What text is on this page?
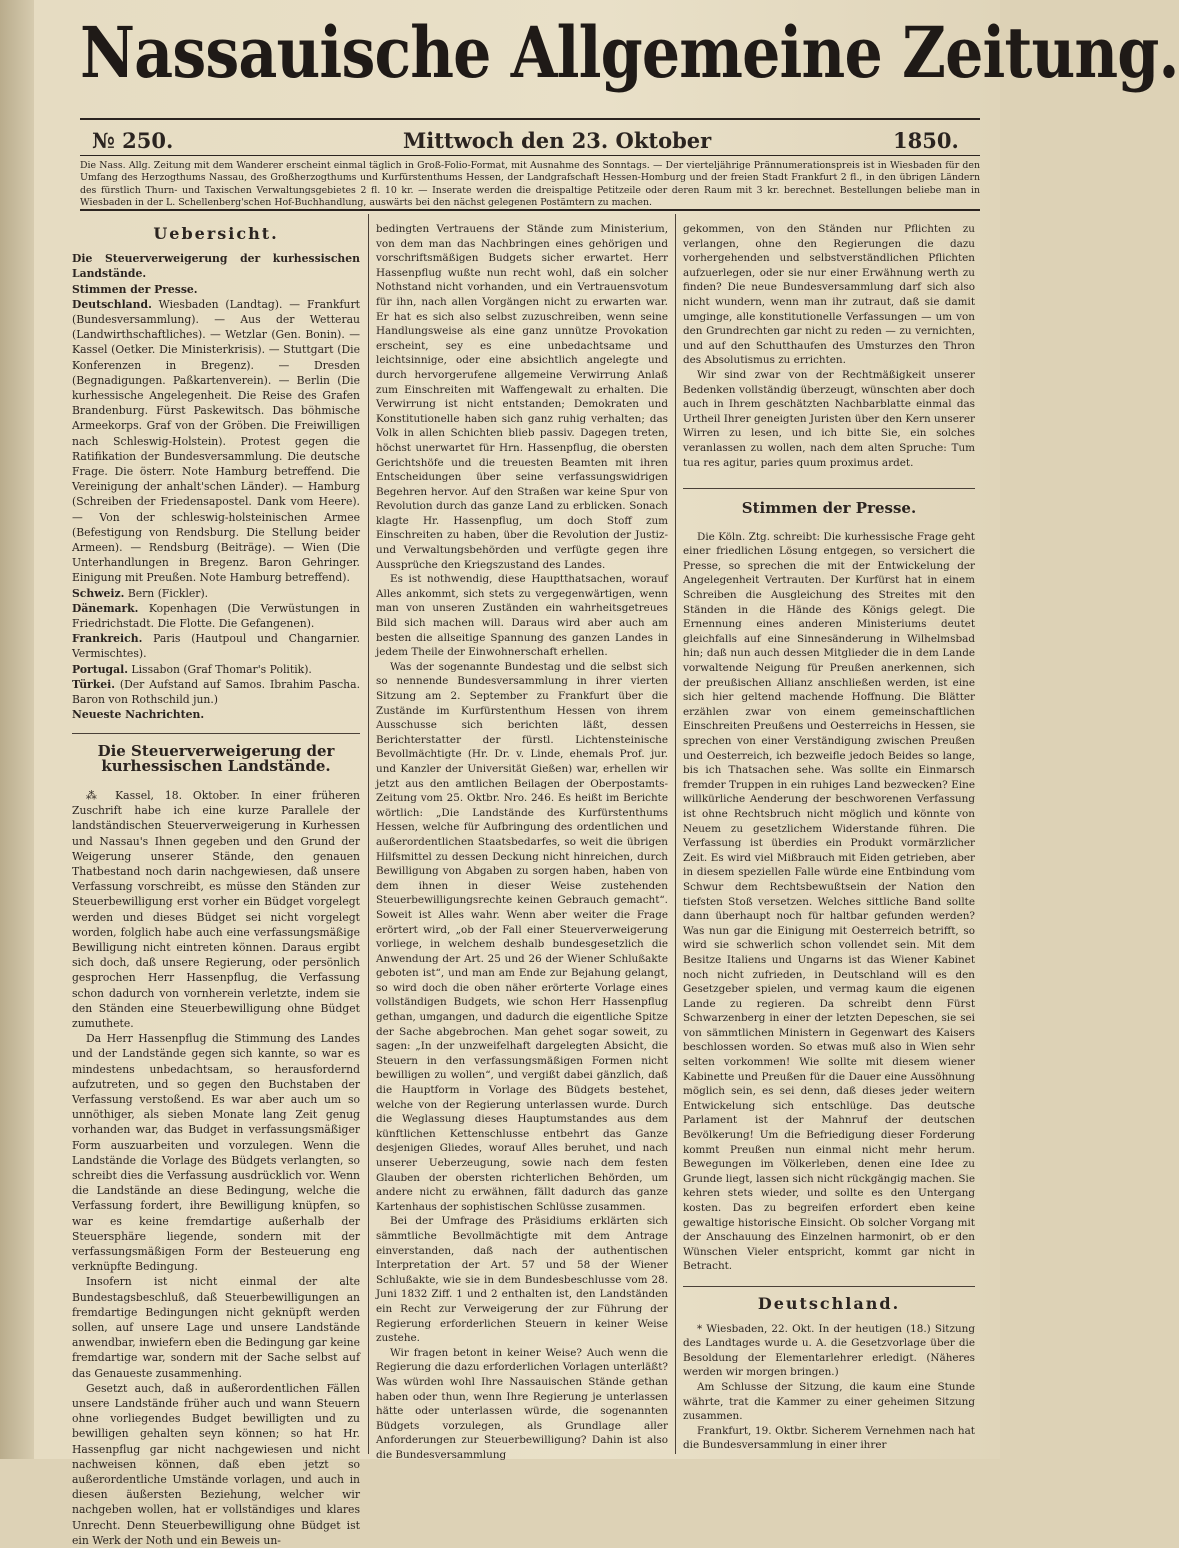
Nassauische Allgemeine Zeitung.
№ 250.	Mittwoch den 23. Oktober	1850.
Die Nass. Allg. Zeitung mit dem Wanderer erscheint einmal täglich in Groß-Folio-Format, mit Ausnahme des Sonntags. — Der vierteljährige Prännumerationspreis ist in Wiesbaden für den Umfang des Herzogthums Nassau, des Großherzogthums und Kurfürstenthums Hessen, der Landgrafschaft Hessen-Homburg und der freien Stadt Frankfurt 2 fl., in den übrigen Ländern des fürstlich Thurn- und Taxischen Verwaltungsgebietes 2 fl. 10 kr. — Inserate werden die dreispaltige Petitzeile oder deren Raum mit 3 kr. berechnet. Bestellungen beliebe man in Wiesbaden in der L. Schellenberg'schen Hof-Buchhandlung, auswärts bei den nächst gelegenen Postämtern zu machen.

Uebersicht.

Die Steuerverweigerung der kurhessischen Landstände.

Stimmen der Presse.

Deutschland. Wiesbaden (Landtag). — Frankfurt (Bundesversammlung). — Aus der Wetterau (Landwirthschaftliches). — Wetzlar (Gen. Bonin). — Kassel (Oetker. Die Ministerkrisis). — Stuttgart (Die Konferenzen in Bregenz). — Dresden (Begnadigungen. Paßkartenverein). — Berlin (Die kurhessische Angelegenheit. Die Reise des Grafen Brandenburg. Fürst Paskewitsch. Das böhmische Armeekorps. Graf von der Gröben. Die Freiwilligen nach Schleswig-Holstein). Protest gegen die Ratifikation der Bundesversammlung. Die deutsche Frage. Die österr. Note Hamburg betreffend. Die Vereinigung der anhalt'schen Länder). — Hamburg (Schreiben der Friedensapostel. Dank vom Heere). — Von der schleswig-holsteinischen Armee (Befestigung von Rendsburg. Die Stellung beider Armeen). — Rendsburg (Beiträge). — Wien (Die Unterhandlungen in Bregenz. Baron Gehringer. Einigung mit Preußen. Note Hamburg betreffend).

Schweiz. Bern (Fickler).

Dänemark. Kopenhagen (Die Verwüstungen in Friedrichstadt. Die Flotte. Die Gefangenen).

Frankreich. Paris (Hautpoul und Changarnier. Vermischtes).

Portugal. Lissabon (Graf Thomar's Politik).

Türkei. (Der Aufstand auf Samos. Ibrahim Pascha. Baron von Rothschild jun.)

Neueste Nachrichten.

Die Steuerverweigerung der kurhessischen Landstände.

⁂ Kassel, 18. Oktober. In einer früheren Zuschrift habe ich eine kurze Parallele der landständischen Steuerverweigerung in Kurhessen und Nassau's Ihnen gegeben und den Grund der Weigerung unserer Stände, den genauen Thatbestand noch darin nachgewiesen, daß unsere Verfassung vorschreibt, es müsse den Ständen zur Steuerbewilligung erst vorher ein Büdget vorgelegt werden und dieses Büdget sei nicht vorgelegt worden, folglich habe auch eine verfassungsmäßige Bewilligung nicht eintreten können. Daraus ergibt sich doch, daß unsere Regierung, oder persönlich gesprochen Herr Hassenpflug, die Verfassung schon dadurch von vornherein verletzte, indem sie den Ständen eine Steuerbewilligung ohne Büdget zumuthete.

Da Herr Hassenpflug die Stimmung des Landes und der Landstände gegen sich kannte, so war es mindestens unbedachtsam, so herausfordernd aufzutreten, und so gegen den Buchstaben der Verfassung verstoßend. Es war aber auch um so unnöthiger, als sieben Monate lang Zeit genug vorhanden war, das Budget in verfassungsmäßiger Form auszuarbeiten und vorzulegen. Wenn die Landstände die Vorlage des Büdgets verlangten, so schreibt dies die Verfassung ausdrücklich vor. Wenn die Landstände an diese Bedingung, welche die Verfassung fordert, ihre Bewilligung knüpfen, so war es keine fremdartige außerhalb der Steuersphäre liegende, sondern mit der verfassungsmäßigen Form der Besteuerung eng verknüpfte Bedingung.

Insofern ist nicht einmal der alte Bundestagsbeschluß, daß Steuerbewilligungen an fremdartige Bedingungen nicht geknüpft werden sollen, auf unsere Lage und unsere Landstände anwendbar, inwiefern eben die Bedingung gar keine fremdartige war, sondern mit der Sache selbst auf das Genaueste zusammenhing.

Gesetzt auch, daß in außerordentlichen Fällen unsere Landstände früher auch und wann Steuern ohne vorliegendes Budget bewilligten und zu bewilligen gehalten seyn können; so hat Hr. Hassenpflug gar nicht nachgewiesen und nicht nachweisen können, daß eben jetzt so außerordentliche Umstände vorlagen, und auch in diesen äußersten Beziehung, welcher wir nachgeben wollen, hat er vollständiges und klares Unrecht. Denn Steuerbewilligung ohne Büdget ist ein Werk der Noth und ein Beweis un-

bedingten Vertrauens der Stände zum Ministerium, von dem man das Nachbringen eines gehörigen und vorschriftsmäßigen Budgets sicher erwartet. Herr Hassenpflug wußte nun recht wohl, daß ein solcher Nothstand nicht vorhanden, und ein Vertrauensvotum für ihn, nach allen Vorgängen nicht zu erwarten war. Er hat es sich also selbst zuzuschreiben, wenn seine Handlungsweise als eine ganz unnütze Provokation erscheint, sey es eine unbedachtsame und leichtsinnige, oder eine absichtlich angelegte und durch hervorgerufene allgemeine Verwirrung Anlaß zum Einschreiten mit Waffengewalt zu erhalten. Die Verwirrung ist nicht entstanden; Demokraten und Konstitutionelle haben sich ganz ruhig verhalten; das Volk in allen Schichten blieb passiv. Dagegen treten, höchst unerwartet für Hrn. Hassenpflug, die obersten Gerichtshöfe und die treuesten Beamten mit ihren Entscheidungen über seine verfassungswidrigen Begehren hervor. Auf den Straßen war keine Spur von Revolution durch das ganze Land zu erblicken. Sonach klagte Hr. Hassenpflug, um doch Stoff zum Einschreiten zu haben, über die Revolution der Justiz- und Verwaltungsbehörden und verfügte gegen ihre Aussprüche den Kriegszustand des Landes.

Es ist nothwendig, diese Hauptthatsachen, worauf Alles ankommt, sich stets zu vergegenwärtigen, wenn man von unseren Zuständen ein wahrheitsgetreues Bild sich machen will. Daraus wird aber auch am besten die allseitige Spannung des ganzen Landes in jedem Theile der Einwohnerschaft erhellen.

Was der sogenannte Bundestag und die selbst sich so nennende Bundesversammlung in ihrer vierten Sitzung am 2. September zu Frankfurt über die Zustände im Kurfürstenthum Hessen von ihrem Ausschusse sich berichten läßt, dessen Berichterstatter der fürstl. Lichtensteinische Bevollmächtigte (Hr. Dr. v. Linde, ehemals Prof. jur. und Kanzler der Universität Gießen) war, erhellen wir jetzt aus den amtlichen Beilagen der Oberpostamts-Zeitung vom 25. Oktbr. Nro. 246. Es heißt im Berichte wörtlich: „Die Landstände des Kurfürstenthums Hessen, welche für Aufbringung des ordentlichen und außerordentlichen Staatsbedarfes, so weit die übrigen Hilfsmittel zu dessen Deckung nicht hinreichen, durch Bewilligung von Abgaben zu sorgen haben, haben von dem ihnen in dieser Weise zustehenden Steuerbewilligungsrechte keinen Gebrauch gemacht“. Soweit ist Alles wahr. Wenn aber weiter die Frage erörtert wird, „ob der Fall einer Steuerverweigerung vorliege, in welchem deshalb bundesgesetzlich die Anwendung der Art. 25 und 26 der Wiener Schlußakte geboten ist“, und man am Ende zur Bejahung gelangt, so wird doch die oben näher erörterte Vorlage eines vollständigen Budgets, wie schon Herr Hassenpflug gethan, umgangen, und dadurch die eigentliche Spitze der Sache abgebrochen. Man gehet sogar soweit, zu sagen: „In der unzweifelhaft dargelegten Absicht, die Steuern in den verfassungsmäßigen Formen nicht bewilligen zu wollen“, und vergißt dabei gänzlich, daß die Hauptform in Vorlage des Büdgets bestehet, welche von der Regierung unterlassen wurde. Durch die Weglassung dieses Hauptumstandes aus dem künftlichen Kettenschlusse entbehrt das Ganze desjenigen Gliedes, worauf Alles beruhet, und nach unserer Ueberzeugung, sowie nach dem festen Glauben der obersten richterlichen Behörden, um andere nicht zu erwähnen, fällt dadurch das ganze Kartenhaus der sophistischen Schlüsse zusammen.

Bei der Umfrage des Präsidiums erklärten sich sämmtliche Bevollmächtigte mit dem Antrage einverstanden, daß nach der authentischen Interpretation der Art. 57 und 58 der Wiener Schlußakte, wie sie in dem Bundesbeschlusse vom 28. Juni 1832 Ziff. 1 und 2 enthalten ist, den Landständen ein Recht zur Verweigerung der zur Führung der Regierung erforderlichen Steuern in keiner Weise zustehe.

Wir fragen betont in keiner Weise? Auch wenn die Regierung die dazu erforderlichen Vorlagen unterläßt? Was würden wohl Ihre Nassauischen Stände gethan haben oder thun, wenn Ihre Regierung je unterlassen hätte oder unterlassen würde, die sogenannten Büdgets vorzulegen, als Grundlage aller Anforderungen zur Steuerbewilligung? Dahin ist also die Bundesversammlung

gekommen, von den Ständen nur Pflichten zu verlangen, ohne den Regierungen die dazu vorhergehenden und selbstverständlichen Pflichten aufzuerlegen, oder sie nur einer Erwähnung werth zu finden? Die neue Bundesversammlung darf sich also nicht wundern, wenn man ihr zutraut, daß sie damit umginge, alle konstitutionelle Verfassungen — um von den Grundrechten gar nicht zu reden — zu vernichten, und auf den Schutthaufen des Umsturzes den Thron des Absolutismus zu errichten.

Wir sind zwar von der Rechtmäßigkeit unserer Bedenken vollständig überzeugt, wünschten aber doch auch in Ihrem geschätzten Nachbarblatte einmal das Urtheil Ihrer geneigten Juristen über den Kern unserer Wirren zu lesen, und ich bitte Sie, ein solches veranlassen zu wollen, nach dem alten Spruche: Tum tua res agitur, paries quum proximus ardet.

Stimmen der Presse.

Die Köln. Ztg. schreibt: Die kurhessische Frage geht einer friedlichen Lösung entgegen, so versichert die Presse, so sprechen die mit der Entwickelung der Angelegenheit Vertrauten. Der Kurfürst hat in einem Schreiben die Ausgleichung des Streites mit den Ständen in die Hände des Königs gelegt. Die Ernennung eines anderen Ministeriums deutet gleichfalls auf eine Sinnesänderung in Wilhelmsbad hin; daß nun auch dessen Mitglieder die in dem Lande vorwaltende Neigung für Preußen anerkennen, sich der preußischen Allianz anschließen werden, ist eine sich hier geltend machende Hoffnung. Die Blätter erzählen zwar von einem gemeinschaftlichen Einschreiten Preußens und Oesterreichs in Hessen, sie sprechen von einer Verständigung zwischen Preußen und Oesterreich, ich bezweifle jedoch Beides so lange, bis ich Thatsachen sehe. Was sollte ein Einmarsch fremder Truppen in ein ruhiges Land bezwecken? Eine willkürliche Aenderung der beschworenen Verfassung ist ohne Rechtsbruch nicht möglich und könnte von Neuem zu gesetzlichem Widerstande führen. Die Verfassung ist überdies ein Produkt vormärzlicher Zeit. Es wird viel Mißbrauch mit Eiden getrieben, aber in diesem speziellen Falle würde eine Entbindung vom Schwur dem Rechtsbewußtsein der Nation den tiefsten Stoß versetzen. Welches sittliche Band sollte dann überhaupt noch für haltbar gefunden werden? Was nun gar die Einigung mit Oesterreich betrifft, so wird sie schwerlich schon vollendet sein. Mit dem Besitze Italiens und Ungarns ist das Wiener Kabinet noch nicht zufrieden, in Deutschland will es den Gesetzgeber spielen, und vermag kaum die eigenen Lande zu regieren. Da schreibt denn Fürst Schwarzenberg in einer der letzten Depeschen, sie sei von sämmtlichen Ministern in Gegenwart des Kaisers beschlossen worden. So etwas muß also in Wien sehr selten vorkommen! Wie sollte mit diesem wiener Kabinette und Preußen für die Dauer eine Aussöhnung möglich sein, es sei denn, daß dieses jeder weitern Entwickelung sich entschlüge. Das deutsche Parlament ist der Mahnruf der deutschen Bevölkerung! Um die Befriedigung dieser Forderung kommt Preußen nun einmal nicht mehr herum. Bewegungen im Völkerleben, denen eine Idee zu Grunde liegt, lassen sich nicht rückgängig machen. Sie kehren stets wieder, und sollte es den Untergang kosten. Das zu begreifen erfordert eben keine gewaltige historische Einsicht. Ob solcher Vorgang mit der Anschauung des Einzelnen harmonirt, ob er den Wünschen Vieler entspricht, kommt gar nicht in Betracht.

Deutschland.

* Wiesbaden, 22. Okt. In der heutigen (18.) Sitzung des Landtages wurde u. A. die Gesetzvorlage über die Besoldung der Elementarlehrer erledigt. (Näheres werden wir morgen bringen.)

Am Schlusse der Sitzung, die kaum eine Stunde währte, trat die Kammer zu einer geheimen Sitzung zusammen.

Frankfurt, 19. Oktbr. Sicherem Vernehmen nach hat die Bundesversammlung in einer ihrer
